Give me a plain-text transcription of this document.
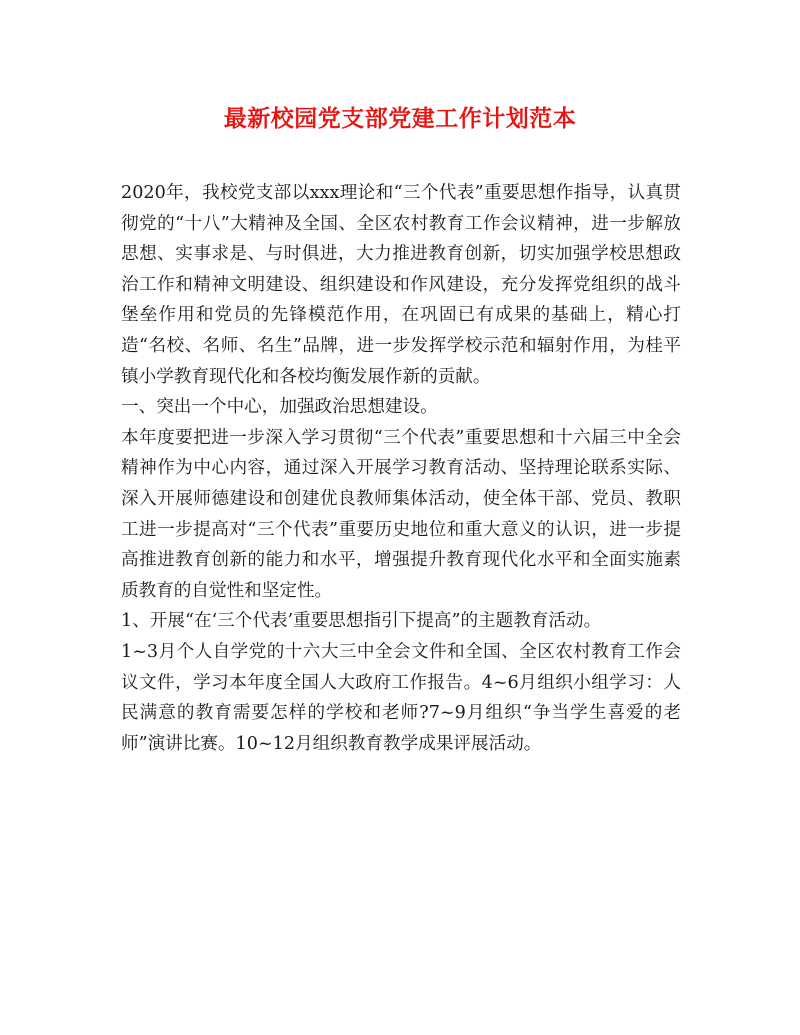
最新校园党支部党建工作计划范本

2020年，我校党支部以xxx理论和“三个代表”重要思想作指导，认真贯彻党的“十八”大精神及全国、全区农村教育工作会议精神，进一步解放思想、实事求是、与时俱进，大力推进教育创新，切实加强学校思想政治工作和精神文明建设、组织建设和作风建设，充分发挥党组织的战斗堡垒作用和党员的先锋模范作用，在巩固已有成果的基础上，精心打造“名校、名师、名生”品牌，进一步发挥学校示范和辐射作用，为桂平镇小学教育现代化和各校均衡发展作新的贡献。

一、突出一个中心，加强政治思想建设。

本年度要把进一步深入学习贯彻“三个代表”重要思想和十六届三中全会精神作为中心内容，通过深入开展学习教育活动、坚持理论联系实际、深入开展师德建设和创建优良教师集体活动，使全体干部、党员、教职工进一步提高对“三个代表”重要历史地位和重大意义的认识，进一步提高推进教育创新的能力和水平，增强提升教育现代化水平和全面实施素质教育的自觉性和坚定性。

1、开展“在‘三个代表’重要思想指引下提高”的主题教育活动。

1~3月个人自学党的十六大三中全会文件和全国、全区农村教育工作会议文件，学习本年度全国人大政府工作报告。4~6月组织小组学习：人民满意的教育需要怎样的学校和老师?7~9月组织“争当学生喜爱的老师”演讲比赛。10~12月组织教育教学成果评展活动。
